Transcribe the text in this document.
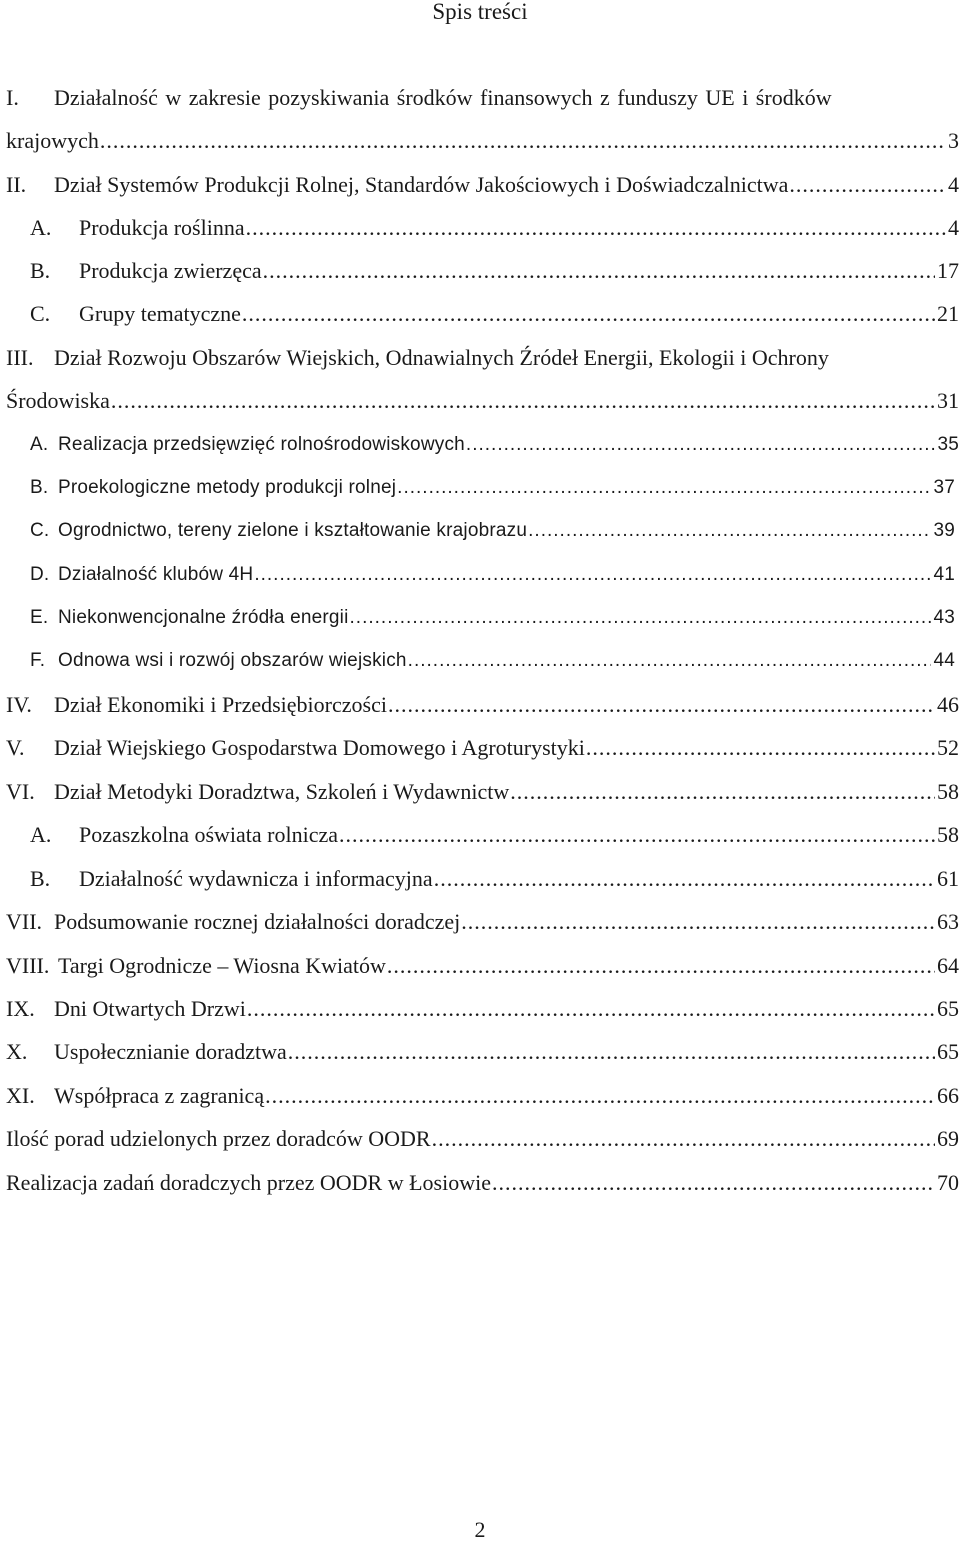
Spis treści
I.	Działalność w zakresie pozyskiwania środków finansowych z funduszy UE i środków
krajowych .....	3
II.	Dział Systemów Produkcji Rolnej, Standardów Jakościowych i Doświadczalnictwa .....	4
A.	Produkcja roślinna .....	4
B.	Produkcja zwierzęca .....	17
C.	Grupy tematyczne .....	21
III. Dział Rozwoju Obszarów Wiejskich, Odnawialnych Źródeł Energii, Ekologii i Ochrony
Środowiska .....	31
A. Realizacja przedsięwzięć rolnośrodowiskowych .....	35
B. Proekologiczne metody produkcji rolnej .....	37
C. Ogrodnictwo, tereny zielone i kształtowanie krajobrazu .....	39
D. Działalność klubów 4H .....	41
E. Niekonwencjonalne źródła energii .....	43
F. Odnowa wsi i rozwój obszarów wiejskich .....	44
IV.	Dział Ekonomiki i Przedsiębiorczości .....	46
V.	Dział Wiejskiego Gospodarstwa Domowego i Agroturystyki .....	52
VI. Dział Metodyki Doradztwa, Szkoleń i Wydawnictw .....	58
A.	Pozaszkolna oświata rolnicza .....	58
B.	Działalność wydawnicza i informacyjna .....	61
VII. Podsumowanie rocznej działalności doradczej .....	63
VIII. Targi Ogrodnicze – Wiosna Kwiatów .....	64
IX. Dni Otwartych Drzwi .....	65
X.	Uspołecznianie doradztwa .....	65
XI. Współpraca z zagranicą .....	66
Ilość porad udzielonych przez doradców OODR .....	69
Realizacja zadań doradczych przez OODR w Łosiowie .....	70
2
